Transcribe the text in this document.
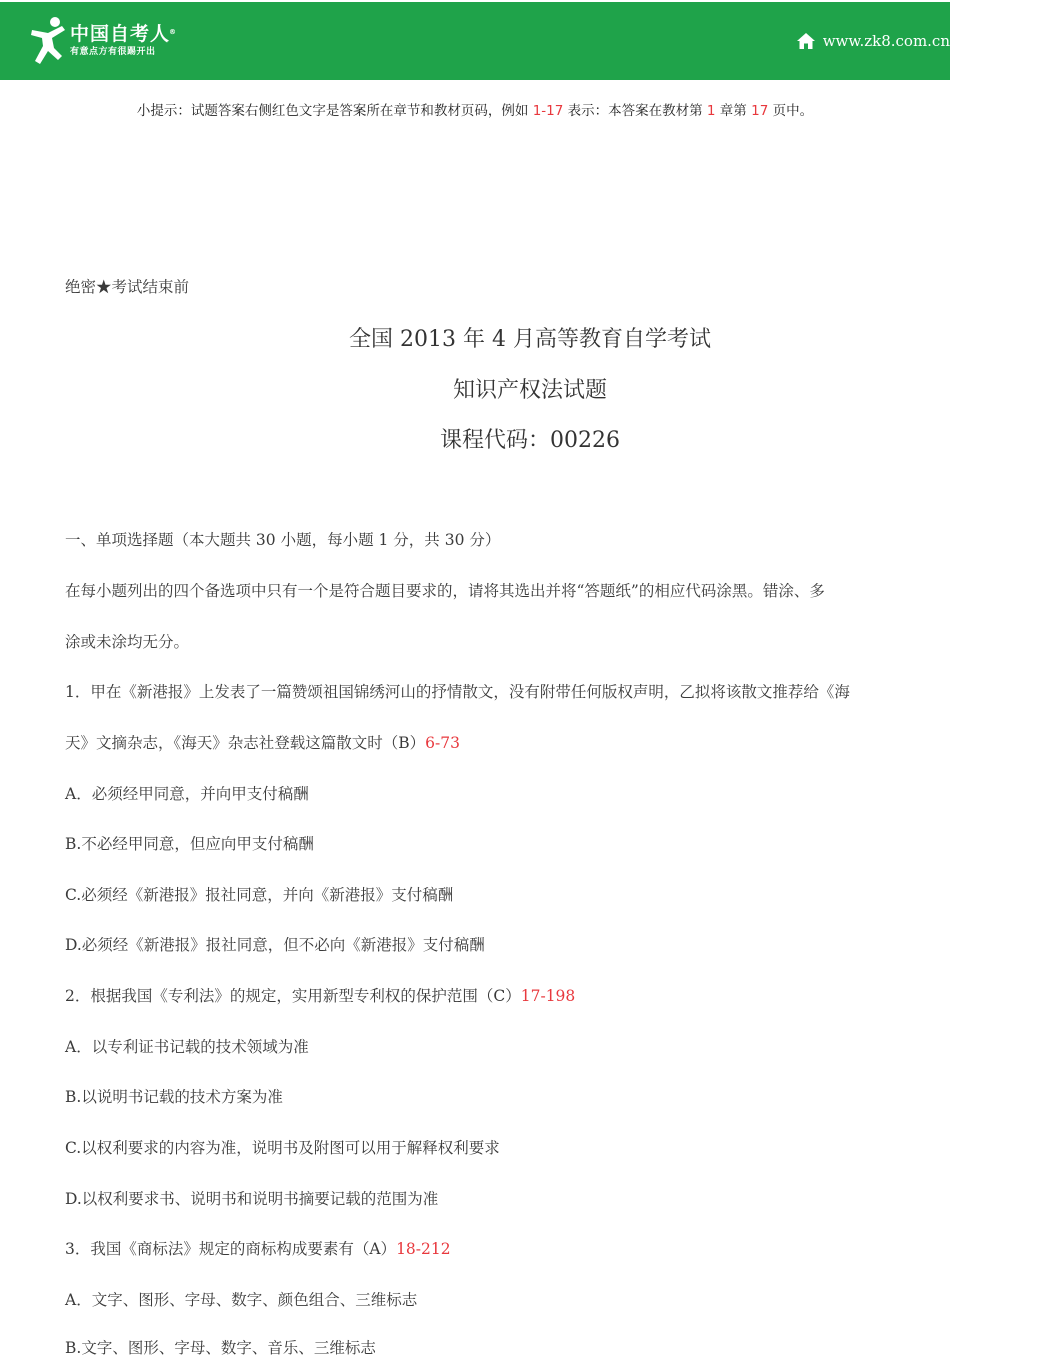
中国自考人 ®
有意点方有很踢开出
www.zk8.com.cn
小提示：试题答案右侧红色文字是答案所在章节和教材页码，例如 1-17 表示：本答案在教材第 1 章第 17 页中。
绝密★考试结束前
全国 2013 年 4 月高等教育自学考试
知识产权法试题
课程代码：00226
一、单项选择题（本大题共 30 小题，每小题 1 分，共 30 分）
在每小题列出的四个备选项中只有一个是符合题目要求的，请将其选出并将“答题纸”的相应代码涂黑。错涂、多
涂或未涂均无分。
1．甲在《新港报》上发表了一篇赞颂祖国锦绣河山的抒情散文，没有附带任何版权声明，乙拟将该散文推荐给《海
天》文摘杂志，《海天》杂志社登载这篇散文时（B）6-73
A．必须经甲同意，并向甲支付稿酬
B.不必经甲同意，但应向甲支付稿酬
C.必须经《新港报》报社同意，并向《新港报》支付稿酬
D.必须经《新港报》报社同意，但不必向《新港报》支付稿酬
2．根据我国《专利法》的规定，实用新型专利权的保护范围（C）17-198
A．以专利证书记载的技术领域为准
B.以说明书记载的技术方案为准
C.以权利要求的内容为准，说明书及附图可以用于解释权利要求
D.以权利要求书、说明书和说明书摘要记载的范围为准
3．我国《商标法》规定的商标构成要素有（A）18-212
A．文字、图形、字母、数字、颜色组合、三维标志
B.文字、图形、字母、数字、音乐、三维标志
